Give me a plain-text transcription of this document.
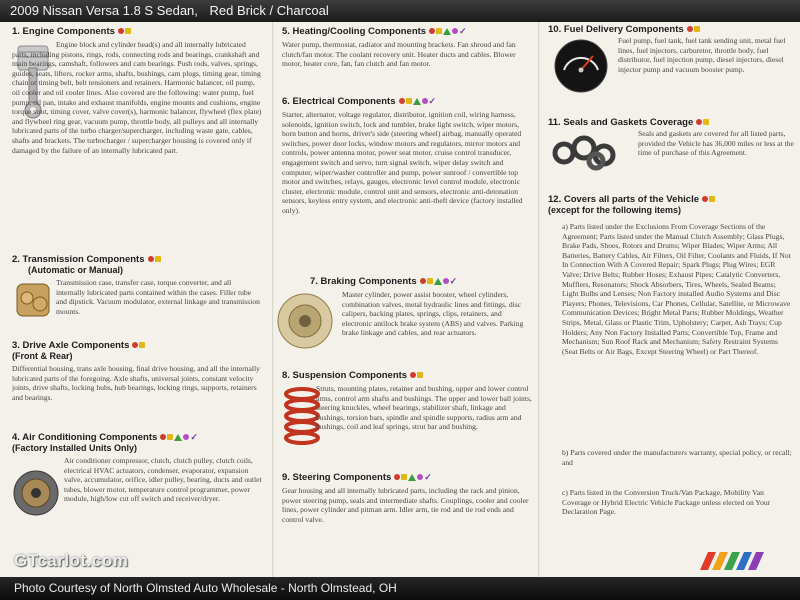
2009 Nissan Versa 1.8 S Sedan, Red Brick / Charcoal
1. Engine Components
Engine block and cylinder head(s) and all internally lubricated parts, including pistons, rings, rods, connecting rods and bearings, crankshaft and main bearings, camshaft, followers and cam bearings. Push rods, valves, springs, guides, seats, lifters, rocker arms, shafts, bushings, cam plugs, timing gear, timing chain or timing belt, belt tensioners and retainers. Harmonic balancer, oil pump, oil cooler and oil cooler lines. Also covered are the following: water pump, fuel pump, oil pan, intake and exhaust manifolds, engine mounts and cushions, engine torque strut, timing cover, valve cover(s), harmonic balancer, flywheel (flex plate) and flywheel ring gear, vacuum pump, throttle body, all pulleys and all internally lubricated parts of the turbo charger/supercharger, including waste gate, cables, shafts and brackets. The turbocharger / supercharger housing is covered only if damaged by the failure of an internally lubricated part.
2. Transmission Components
(Automatic or Manual)
Transmission case, transfer case, torque converter, and all internally lubricated parts contained within the cases. Filler tube and dipstick. Vacuum modulator, external linkage and transmission mounts.
3. Drive Axle Components
(Front & Rear)
Differential housing, trans axle housing, final drive housing, and all the internally lubricated parts of the foregoing. Axle shafts, universal joints, constant velocity joints, drive shafts, locking hubs, hub bearings, locking rings, supports, retainers and bearings.
4. Air Conditioning Components	✓
(Factory Installed Units Only)
Air conditioner compressor, clutch, clutch pulley, clutch coils, electrical HVAC actuators, condenser, evaporator, expansion valve, accumulator, orifice, idler pulley, bearing, ducts and outlet tubes, blower motor, temperature control programmer, power module, high/low cut off switch and receiver/dryer.
5. Heating/Cooling Components	✓
Water pump, thermostat, radiator and mounting brackets. Fan shroud and fan clutch/fan motor. The coolant recovery unit. Heater ducts and cables. Blower motor, heater core, fan, fan clutch and fan motor.
6. Electrical Components	✓
Starter, alternator, voltage regulator, distributor, ignition coil, wiring harness, solenoids, ignition switch, lock and tumbler, brake light switch, wiper motors, horn button and horns, driver's side (steering wheel) airbag, manually operated switches, power door locks, window motors and regulators, mirror motors and controls, power antenna motor, power seat motor, cruise control transducer, engagement switch and servo, turn signal switch, wiper delay switch and computer, wiper/washer controller and pump, power sunroof / convertible top motor and switches, relays, gauges, electronic level control module, electronic cluster, electronic module, control unit and sensors, electronic anti-detonation sensors, keyless entry system, and electronic anti-theft device (factory installed only).
7. Braking Components	✓
Master cylinder, power assist booster, wheel cylinders, combination valves, metal hydraulic lines and fittings, disc calipers, backing plates, springs, clips, retainers, and electronic antilock brake system (ABS) and valves. Parking brake linkage and cables, and rear actuators.
8. Suspension Components
Struts, mounting plates, retainer and bushing, upper and lower control arms, control arm shafts and bushings. The upper and lower ball joints, steering knuckles, wheel bearings, stabilizer shaft, linkage and bushings, torsion bars, spindle and spindle supports, radius arm and bushings, coil and leaf springs, strut bar and bushing.
9. Steering Components	✓
Gear housing and all internally lubricated parts, including the rack and pinion, power steering pump, seals and intermediate shafts. Couplings, cooler and cooler lines, power cylinder and pitman arm. Idler arm, tie rod and tie rod ends and control valve.
10. Fuel Delivery Components
Fuel pump, fuel tank, fuel tank sending unit, metal fuel lines, fuel injectors, carburetor, throttle body, fuel distributor, fuel injection pump, diesel injectors, diesel injector pump and vacuum booster pump.
11. Seals and Gaskets Coverage
Seals and gaskets are covered for all listed parts, provided the Vehicle has 36,000 miles or less at the time of purchase of this Agreement.
12. Covers all parts of the Vehicle
(except for the following items)
a) Parts listed under the Exclusions From Coverage Sections of the Agreement; Parts listed under the Manual Clutch Assembly; Glass Plugs, Brake Pads, Shoes, Rotors and Drums; Wiper Blades; Wiper Arms; All Batteries, Battery Cables, Air Filters, Oil Filter, Coolants and Fluids, If Not In Connection With A Covered Repair; Spark Plugs; Plug Wires; EGR Valve; Drive Belts; Rubber Hoses; Exhaust Pipes; Catalytic Converters, Mufflers, Resonators; Shock Absorbers, Tires, Wheels, Sealed Beams; Light Bulbs and Lenses; Non Factory installed Audio Systems and Disc Players; Phones, Televisions, Car Phones, Cellular, Satellite, or Microwave Communication Devices; Bright Metal Parts; Rubber Moldings, Weather Strips, Metal, Glass or Plastic Trim, Upholstery; Carpet, Ash Trays; Cup Holders; Any Non Factory Installed Parts; Convertible Top, Frame and Mechanism; Sun Roof Rack and Mechanism; Safety Restraint Systems (Seat Belts or Air Bags, Except Steering Wheel) or Part Thereof.
b) Parts covered under the manufacturers warranty, special policy, or recall; and
c) Parts listed in the Conversion Truck/Van Package, Mobility Van Coverage or Hybrid Electric Vehicle Package unless elected on Your Declaration Page.
GTcarlot.com
Photo Courtesy of North Olmsted Auto Wholesale - North Olmstead, OH
